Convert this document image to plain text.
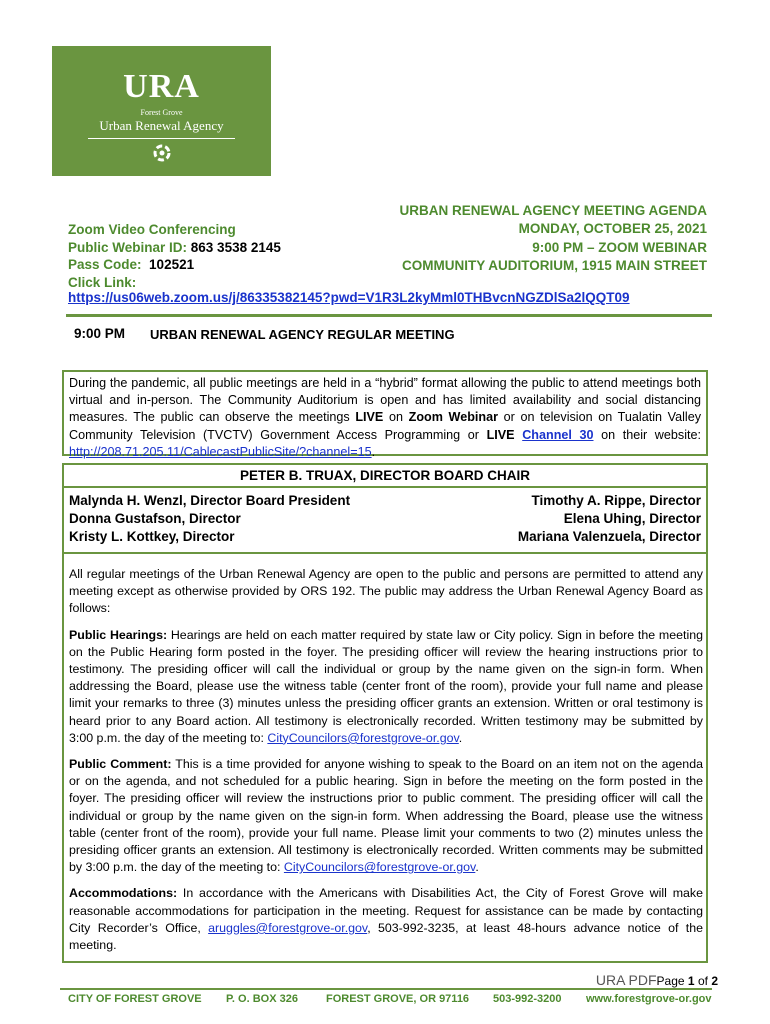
URA
Forest Grove
Urban Renewal Agency
URBAN RENEWAL AGENCY MEETING AGENDA
MONDAY, OCTOBER 25, 2021
9:00 PM – ZOOM WEBINAR
COMMUNITY AUDITORIUM, 1915 MAIN STREET
Zoom Video Conferencing
Public Webinar ID: 863 3538 2145
Pass Code: 102521
Click Link:
https://us06web.zoom.us/j/86335382145?pwd=V1R3L2kyMml0THBvcnNGZDlSa2lQQT09
9:00 PM URBAN RENEWAL AGENCY REGULAR MEETING
During the pandemic, all public meetings are held in a “hybrid” format allowing the public to attend meetings both virtual and in-person. The Community Auditorium is open and has limited availability and social distancing measures. The public can observe the meetings LIVE on Zoom Webinar or on television on Tualatin Valley Community Television (TVCTV) Government Access Programming or LIVE Channel 30 on their website: http://208.71.205.11/CablecastPublicSite/?channel=15.
PETER B. TRUAX, DIRECTOR BOARD CHAIR
Malynda H. Wenzl, Director Board President
Donna Gustafson, Director
Kristy L. Kottkey, Director
Timothy A. Rippe, Director
Elena Uhing, Director
Mariana Valenzuela, Director

All regular meetings of the Urban Renewal Agency are open to the public and persons are permitted to attend any meeting except as otherwise provided by ORS 192. The public may address the Urban Renewal Agency Board as follows:

Public Hearings: Hearings are held on each matter required by state law or City policy. Sign in before the meeting on the Public Hearing form posted in the foyer. The presiding officer will review the hearing instructions prior to testimony. The presiding officer will call the individual or group by the name given on the sign-in form. When addressing the Board, please use the witness table (center front of the room), provide your full name and please limit your remarks to three (3) minutes unless the presiding officer grants an extension. Written or oral testimony is heard prior to any Board action. All testimony is electronically recorded. Written testimony may be submitted by 3:00 p.m. the day of the meeting to: CityCouncilors@forestgrove-or.gov.

Public Comment: This is a time provided for anyone wishing to speak to the Board on an item not on the agenda or on the agenda, and not scheduled for a public hearing. Sign in before the meeting on the form posted in the foyer. The presiding officer will review the instructions prior to public comment. The presiding officer will call the individual or group by the name given on the sign-in form. When addressing the Board, please use the witness table (center front of the room), provide your full name. Please limit your comments to two (2) minutes unless the presiding officer grants an extension. All testimony is electronically recorded. Written comments may be submitted by 3:00 p.m. the day of the meeting to: CityCouncilors@forestgrove-or.gov.

Accommodations: In accordance with the Americans with Disabilities Act, the City of Forest Grove will make reasonable accommodations for participation in the meeting. Request for assistance can be made by contacting City Recorder’s Office, aruggles@forestgrove-or.gov, 503-992-3235, at least 48-hours advance notice of the meeting.

URA PDFPage 1 of 2
CITY OF FOREST GROVE P. O. BOX 326	FOREST GROVE, OR 97116 503-992-3200 www.forestgrove-or.gov
